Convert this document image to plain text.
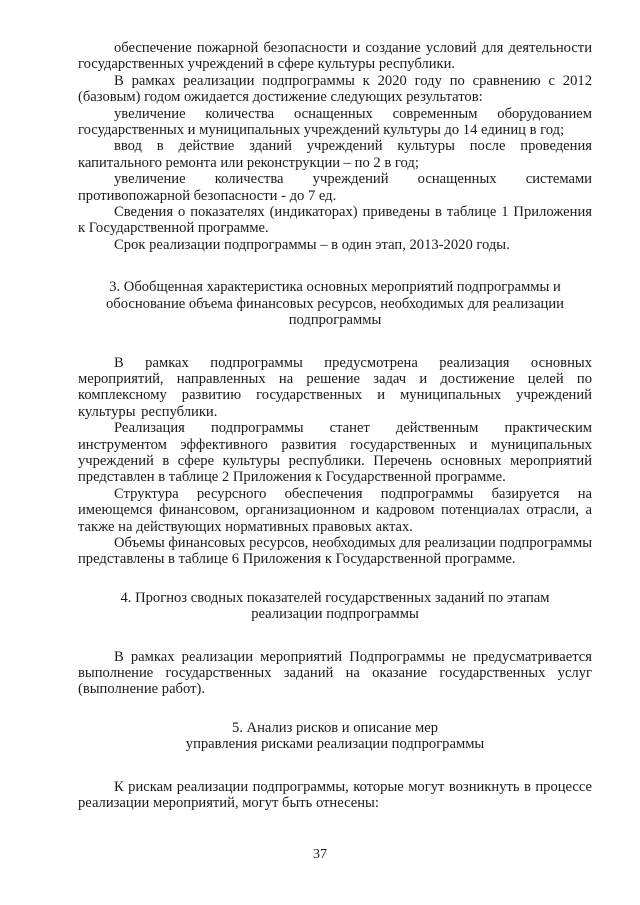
обеспечение пожарной безопасности и создание условий для деятельности государственных учреждений в сфере культуры республики.

В рамках реализации подпрограммы к 2020 году по сравнению с 2012 (базовым) годом ожидается достижение следующих результатов:

увеличение количества оснащенных современным оборудованием государственных и муниципальных учреждений культуры до 14 единиц в год;

ввод в действие зданий учреждений культуры после проведения капитального ремонта или реконструкции – по 2 в год;

увеличение количества учреждений оснащенных системами противопожарной безопасности - до 7 ед.

Сведения о показателях (индикаторах) приведены в таблице 1 Приложения к Государственной программе.

Срок реализации подпрограммы – в один этап, 2013-2020 годы.

3. Обобщенная характеристика основных мероприятий подпрограммы и
обоснование объема финансовых ресурсов, необходимых для реализации
подпрограммы

В рамках подпрограммы предусмотрена реализация основных мероприятий, направленных на решение задач и достижение целей по комплексному развитию государственных и муниципальных учреждений культуры республики.

Реализация подпрограммы станет действенным практическим инструментом эффективного развития государственных и муниципальных учреждений в сфере культуры республики. Перечень основных мероприятий представлен в таблице 2 Приложения к Государственной программе.

Структура ресурсного обеспечения подпрограммы базируется на имеющемся финансовом, организационном и кадровом потенциалах отрасли, а также на действующих нормативных правовых актах.

Объемы финансовых ресурсов, необходимых для реализации подпрограммы представлены в таблице 6 Приложения к Государственной программе.

4. Прогноз сводных показателей государственных заданий по этапам
реализации подпрограммы

В рамках реализации мероприятий Подпрограммы не предусматривается выполнение государственных заданий на оказание государственных услуг (выполнение работ).

5. Анализ рисков и описание мер
управления рисками реализации подпрограммы

К рискам реализации подпрограммы, которые могут возникнуть в процессе реализации мероприятий, могут быть отнесены:

37
